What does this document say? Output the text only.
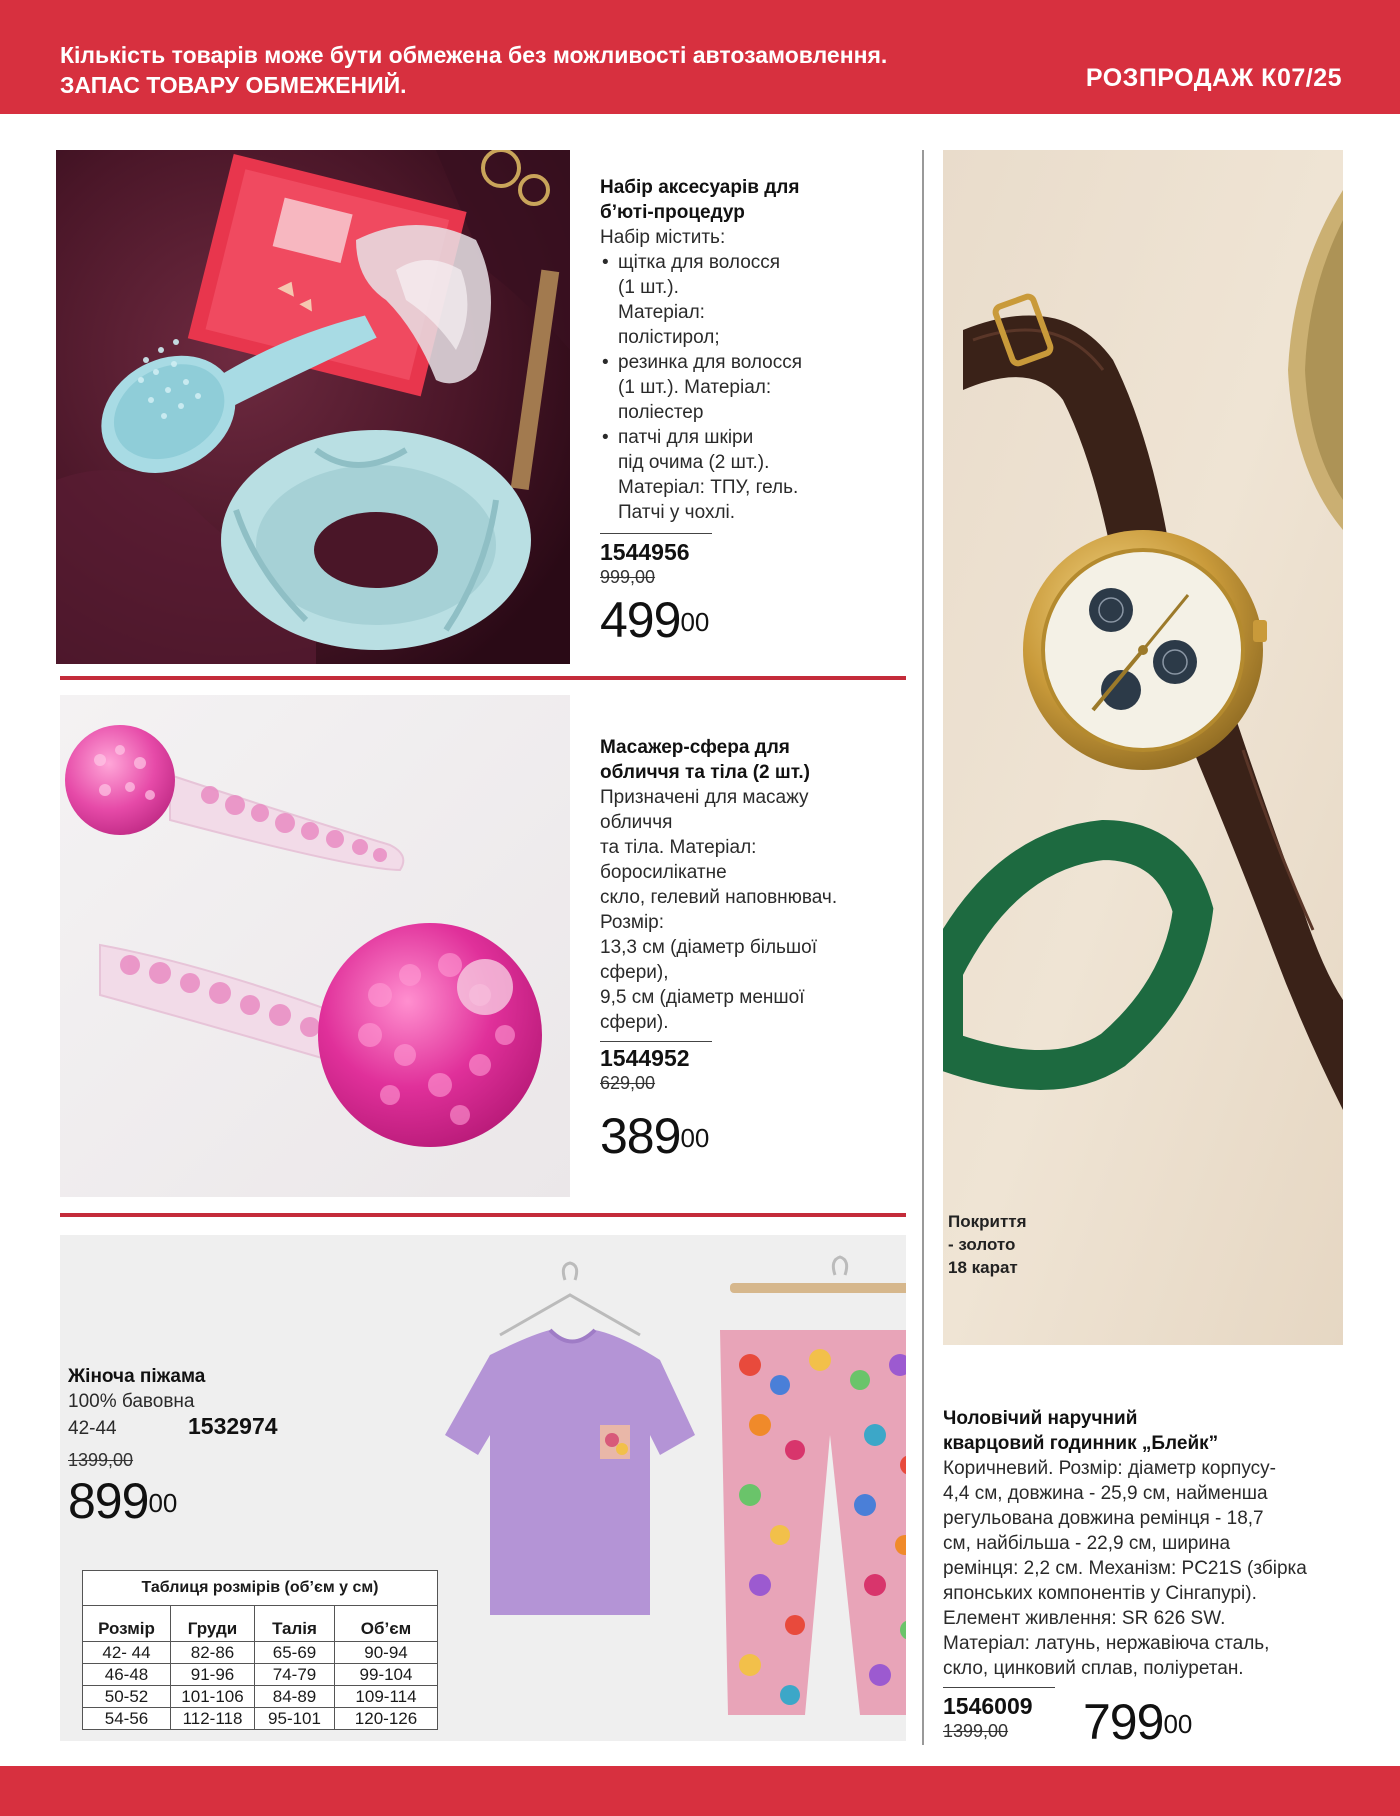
Кількість товарів може бути обмежена без можливості автозамовлення.
ЗАПАС ТОВАРУ ОБМЕЖЕНИЙ.	РОЗПРОДАЖ К07/25
Набір аксесуарів для
б’юті-процедур
Набір містить:
• щітка для волосся
(1 шт.).
Матеріал:
полістирол;
• резинка для волосся
(1 шт.). Матеріал:
поліестер
• патчі для шкіри
під очима (2 шт.).
Матеріал: ТПУ, гель.
Патчі у чохлі.
1544956
999,00
$499^{00}$
Масажер-сфера для
обличчя та тіла (2 шт.)
Призначені для масажу
обличчя
та тіла. Матеріал:
боросилікатне
скло, гелевий наповнювач.
Розмір:
13,3 см (діаметр більшої
сфери),
9,5 см (діаметр меншої
сфери).
1544952
629,00
$389^{00}$
Жіноча піжама
100% бавовна
42-44	1532974
1399,00
$899^{00}$
Таблиця розмірів (об’єм у см)
Розмір	Груди	Талія	Об’єм
42- 44	82-86	65-69	90-94
46-48	91-96	74-79	99-104
50-52	101-106	84-89	109-114
54-56	112-118	95-101	120-126
Покриття
- золото
18 карат
Чоловічий наручний
кварцовий годинник „Блейк”
Коричневий. Розмір: діаметр корпусу-
4,4 см, довжина - 25,9 см, найменша
регульована довжина ремінця - 18,7
см, найбільша - 22,9 см, ширина
ремінця: 2,2 см. Механізм: PC21S (збірка
японських компонентів у Сінгапурі).
Елемент живлення: SR 626 SW.
Матеріал: латунь, нержавіюча сталь,
скло, цинковий сплав, поліуретан.
1546009
1399,00	$799^{00}$
